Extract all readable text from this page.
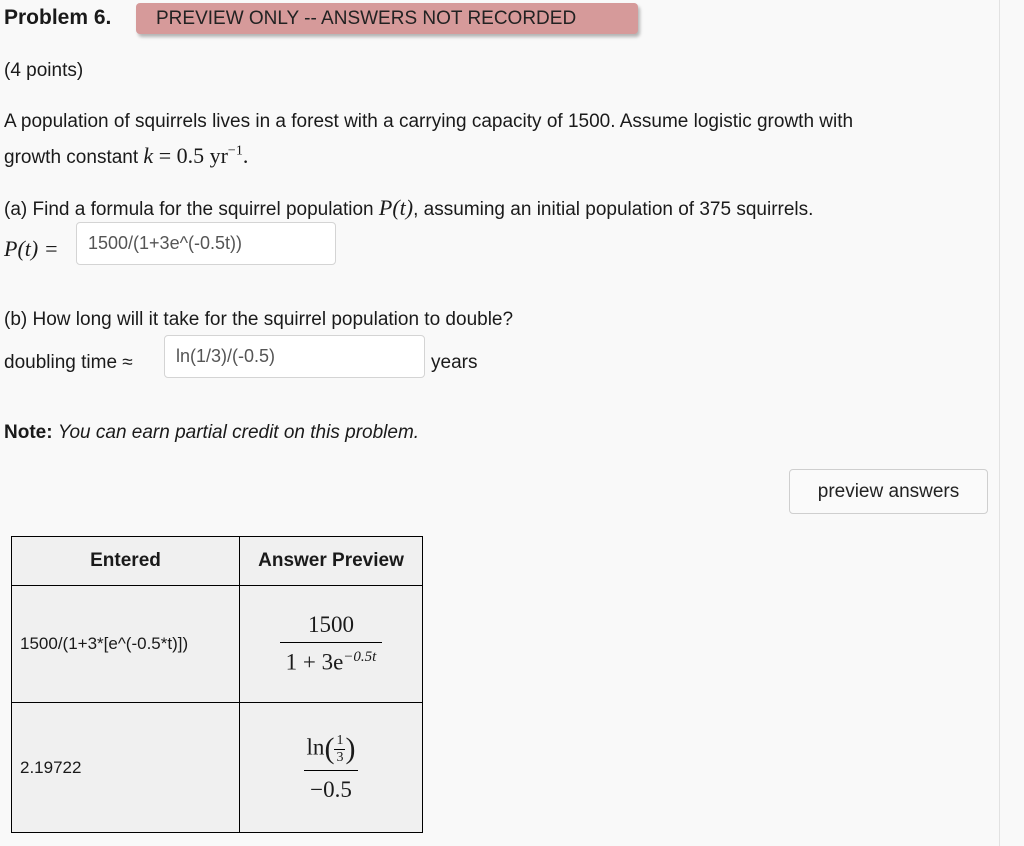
Problem 6.	PREVIEW ONLY -- ANSWERS NOT RECORDED
(4 points)
A population of squirrels lives in a forest with a carrying capacity of 1500. Assume logistic growth with
growth constant k = 0.5 $yr^{-1}$.
(a) Find a formula for the squirrel population P(t), assuming an initial population of 375 squirrels.
P(t) =
1500/(1+3e^(-0.5t))
(b) How long will it take for the squirrel population to double?
doubling time ≈
ln(1/3)/(-0.5)	years
Note: You can earn partial credit on this problem.
preview answers
Entered	Answer Preview
1500/(1+3*[e^(-0.5*t)])	$\frac{1500}{1 + 3e^{-0.5t}}$

2.19722	$\frac{\ln( \frac{1}{3} )}{-0.5}$
